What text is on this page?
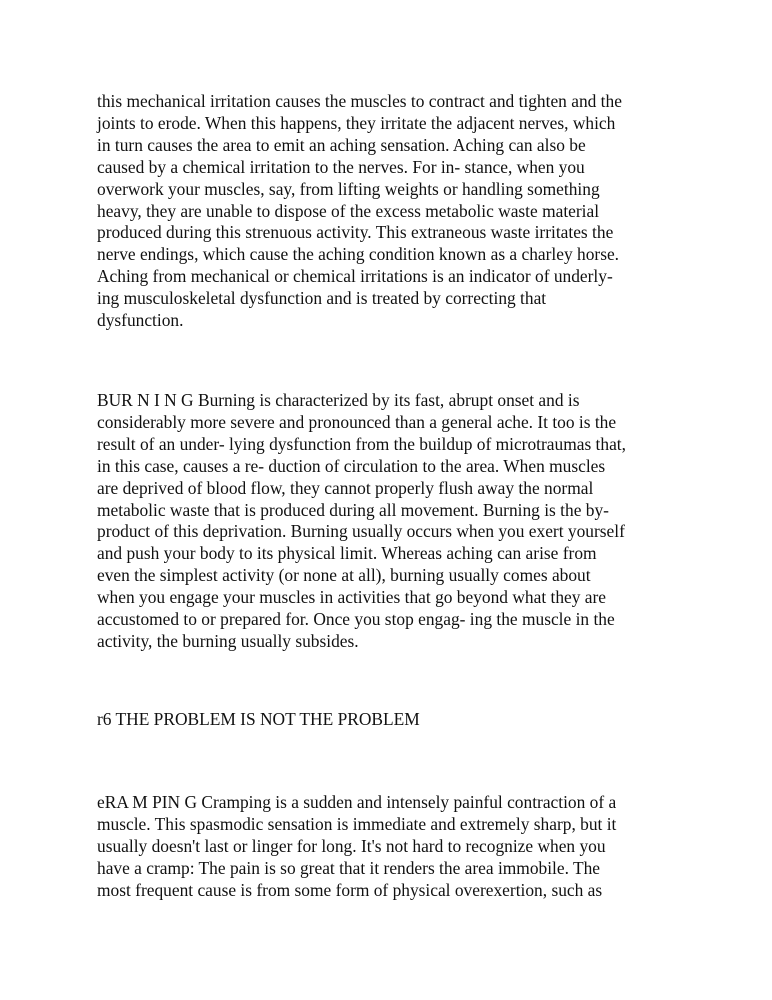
this mechanical irritation causes the muscles to contract and tighten and the
joints to erode. When this happens, they irritate the adjacent nerves, which
in turn causes the area to emit an aching sensation. Aching can also be
caused by a chemical irritation to the nerves. For in- stance, when you
overwork your muscles, say, from lifting weights or handling something
heavy, they are unable to dispose of the excess metabolic waste material
produced during this strenuous activity. This extraneous waste irritates the
nerve endings, which cause the aching condition known as a charley horse.
Aching from mechanical or chemical irritations is an indicator of underly-
ing musculoskeletal dysfunction and is treated by correcting that
dysfunction.
BUR N I N G Burning is characterized by its fast, abrupt onset and is
considerably more severe and pronounced than a general ache. It too is the
result of an under- lying dysfunction from the buildup of microtraumas that,
in this case, causes a re- duction of circulation to the area. When muscles
are deprived of blood flow, they cannot properly flush away the normal
metabolic waste that is produced during all movement. Burning is the by-
product of this deprivation. Burning usually occurs when you exert yourself
and push your body to its physical limit. Whereas aching can arise from
even the simplest activity (or none at all), burning usually comes about
when you engage your muscles in activities that go beyond what they are
accustomed to or prepared for. Once you stop engag- ing the muscle in the
activity, the burning usually subsides.
r6 THE PROBLEM IS NOT THE PROBLEM
eRA M PIN G Cramping is a sudden and intensely painful contraction of a
muscle. This spasmodic sensation is immediate and extremely sharp, but it
usually doesn't last or linger for long. It's not hard to recognize when you
have a cramp: The pain is so great that it renders the area immobile. The
most frequent cause is from some form of physical overexertion, such as
